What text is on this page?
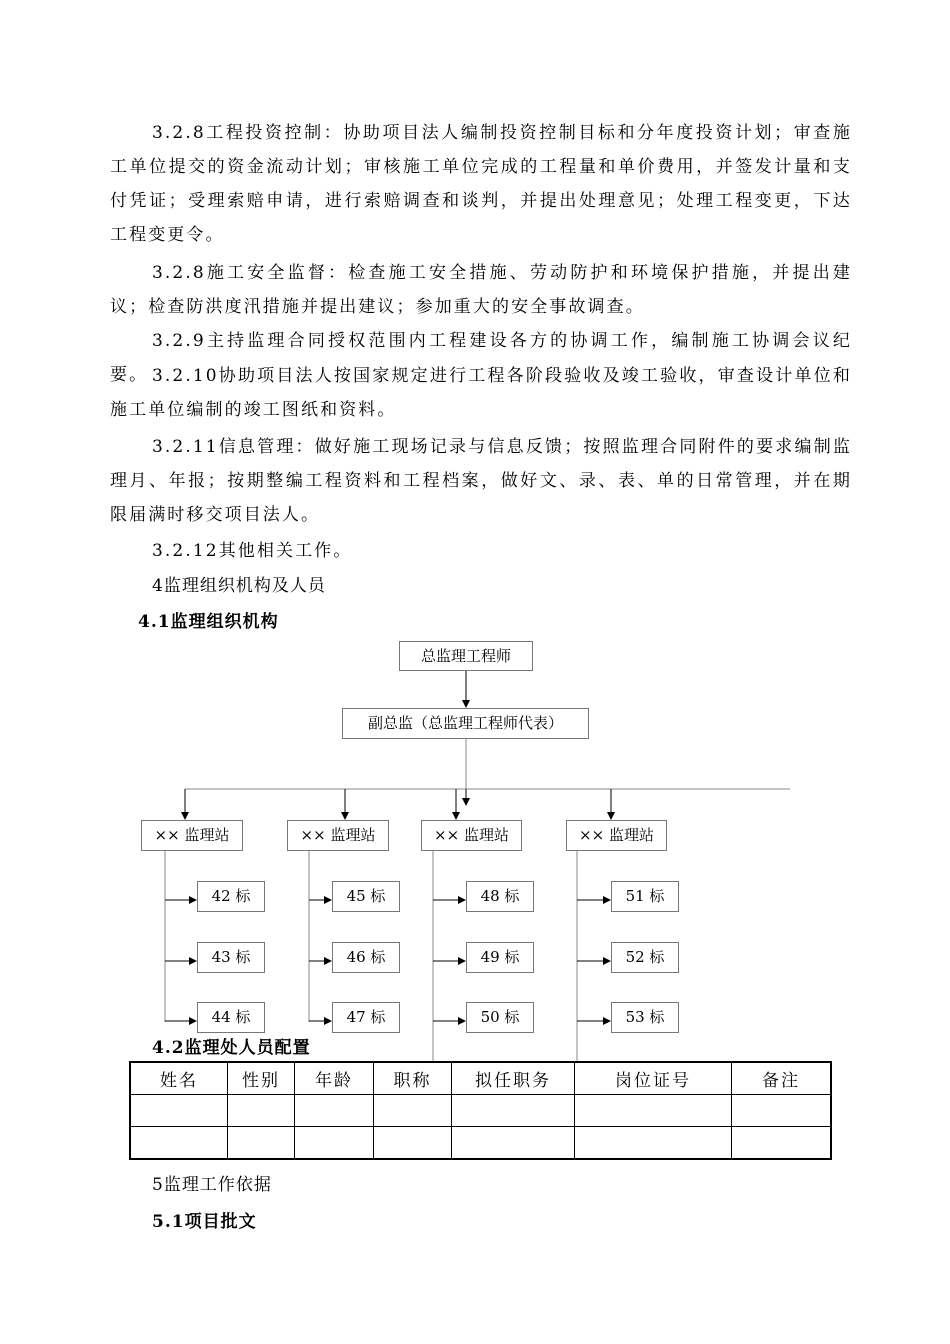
3.2.8工程投资控制：协助项目法人编制投资控制目标和分年度投资计划；审查施工单位提交的资金流动计划；审核施工单位完成的工程量和单价费用，并签发计量和支付凭证；受理索赔申请，进行索赔调查和谈判，并提出处理意见；处理工程变更，下达工程变更令。

3.2.8施工安全监督：检查施工安全措施、劳动防护和环境保护措施，并提出建议；检查防洪度汛措施并提出建议；参加重大的安全事故调查。

3.2.9主持监理合同授权范围内工程建设各方的协调工作，编制施工协调会议纪要。 3.2.10协助项目法人按国家规定进行工程各阶段验收及竣工验收，审查设计单位和施工单位编制的竣工图纸和资料。

3.2.11信息管理：做好施工现场记录与信息反馈；按照监理合同附件的要求编制监理月、年报；按期整编工程资料和工程档案，做好文、录、表、单的日常管理，并在期限届满时移交项目法人。

3.2.12其他相关工作。

4监理组织机构及人员

4.1监理组织机构

总监理工程师
副总监（总监理工程师代表）
×× 监理站	×× 监理站	×× 监理站	×× 监理站
42 标
43 标
44 标
45 标
46 标
47 标
48 标
49 标
50 标
51 标
52 标
53 标

4.2监理处人员配置

姓名	性别	年龄	职称	拟任职务	岗位证号	备注

5监理工作依据

5.1项目批文
